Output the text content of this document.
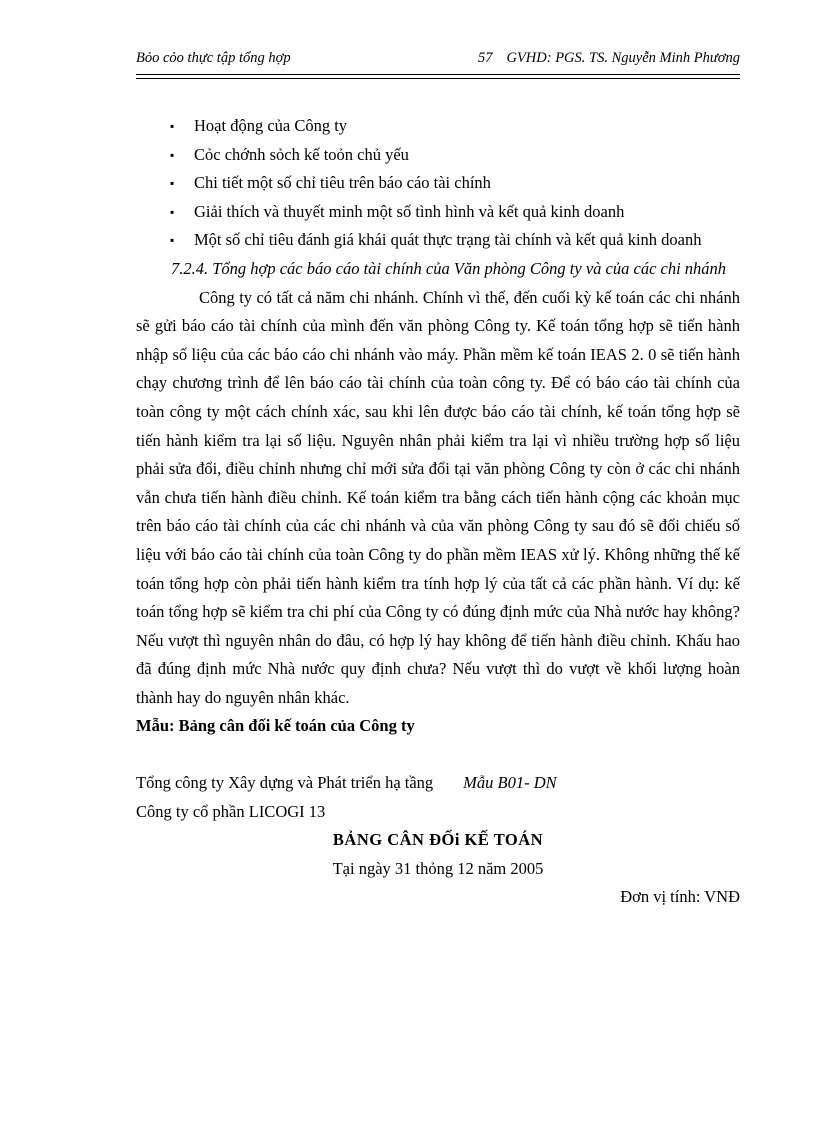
Bỏo cỏo thực tập tổng hợp	57 GVHD: PGS. TS. Nguyễn Minh Phương
▪ Hoạt động của Công ty
▪ Cỏc chớnh sỏch kế toỏn chủ yếu
▪ Chi tiết một số chỉ tiêu trên báo cáo tài chính
▪ Giải thích và thuyết minh một số tình hình và kết quả kinh doanh
▪ Một số chỉ tiêu đánh giá khái quát thực trạng tài chính và kết quả kinh doanh

7.2.4. Tổng hợp các báo cáo tài chính của Văn phòng Công ty và của các chi nhánh

Công ty có tất cả năm chi nhánh. Chính vì thế, đến cuối kỳ kế toán các chi nhánh sẽ gửi báo cáo tài chính của mình đến văn phòng Công ty. Kế toán tổng hợp sẽ tiến hành nhập số liệu của các báo cáo chi nhánh vào máy. Phần mềm kế toán IEAS 2. 0 sẽ tiến hành chạy chương trình để lên báo cáo tài chính của toàn công ty. Để có báo cáo tài chính của toàn công ty một cách chính xác, sau khi lên được báo cáo tài chính, kế toán tổng hợp sẽ tiến hành kiểm tra lại số liệu. Nguyên nhân phải kiểm tra lại vì nhiều trường hợp số liệu phải sửa đổi, điều chỉnh nhưng chỉ mới sửa đổi tại văn phòng Công ty còn ở các chi nhánh vẫn chưa tiến hành điều chỉnh. Kế toán kiểm tra bằng cách tiến hành cộng các khoản mục trên báo cáo tài chính của các chi nhánh và của văn phòng Công ty sau đó sẽ đối chiếu số liệu với báo cáo tài chính của toàn Công ty do phần mềm IEAS xử lý. Không những thế kế toán tổng hợp còn phải tiến hành kiểm tra tính hợp lý của tất cả các phần hành. Ví dụ: kế toán tổng hợp sẽ kiểm tra chi phí của Công ty có đúng định mức của Nhà nước hay không? Nếu vượt thì nguyên nhân do đâu, có hợp lý hay không để tiến hành điều chỉnh. Khấu hao đã đúng định mức Nhà nước quy định chưa? Nếu vượt thì do vượt về khối lượng hoàn thành hay do nguyên nhân khác.

Mẫu: Bảng cân đối kế toán của Công ty

Tổng công ty Xây dựng và Phát triển hạ tầng Mẫu B01- DN

Công ty cổ phần LICOGI 13

BẢNG CÂN ĐỐi KẾ TOÁN

Tại ngày 31 thỏng 12 năm 2005

Đơn vị tính: VNĐ
